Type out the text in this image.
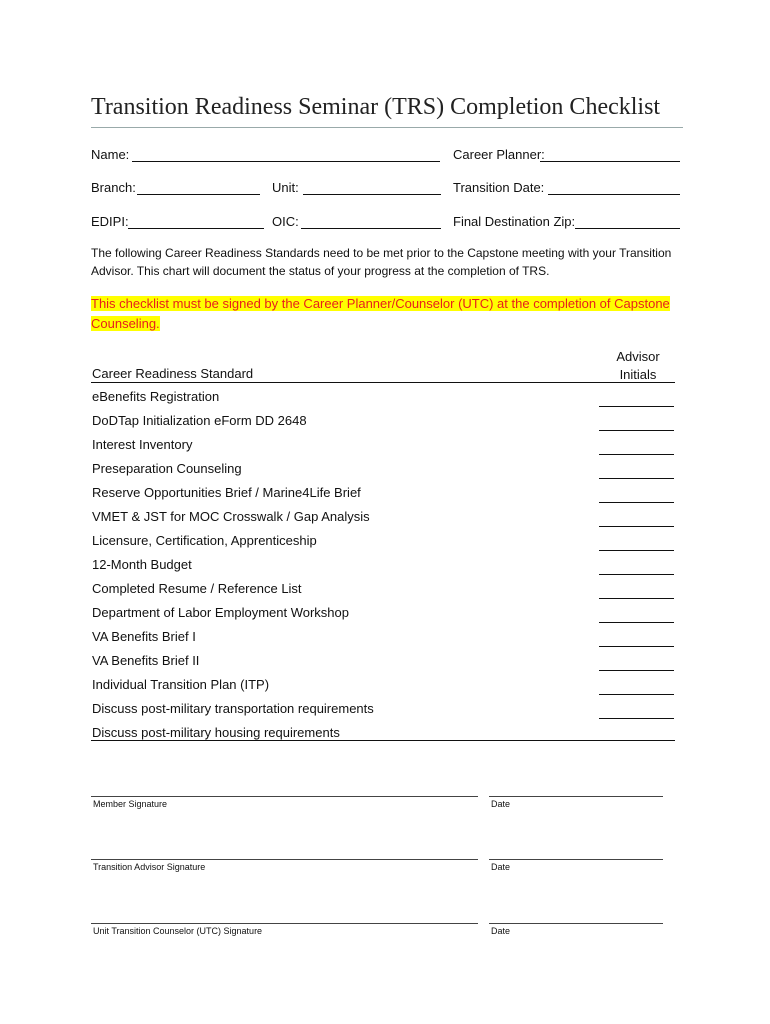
Transition Readiness Seminar (TRS) Completion Checklist
Name:	Career Planner:
Branch:	Unit:	Transition Date:
EDIPI:	OIC:	Final Destination Zip:
The following Career Readiness Standards need to be met prior to the Capstone meeting with your Transition
Advisor. This chart will document the status of your progress at the completion of TRS.
This checklist must be signed by the Career Planner/Counselor (UTC) at the completion of Capstone
Counseling.
Career Readiness Standard
Advisor
Initials
eBenefits Registration
DoDTap Initialization eForm DD 2648
Interest Inventory
Preseparation Counseling
Reserve Opportunities Brief / Marine4Life Brief
VMET & JST for MOC Crosswalk / Gap Analysis
Licensure, Certification, Apprenticeship
12-Month Budget
Completed Resume / Reference List
Department of Labor Employment Workshop
VA Benefits Brief I
VA Benefits Brief II
Individual Transition Plan (ITP)
Discuss post-military transportation requirements
Discuss post-military housing requirements
Member Signature	Date
Transition Advisor Signature	Date
Unit Transition Counselor (UTC) Signature	Date
